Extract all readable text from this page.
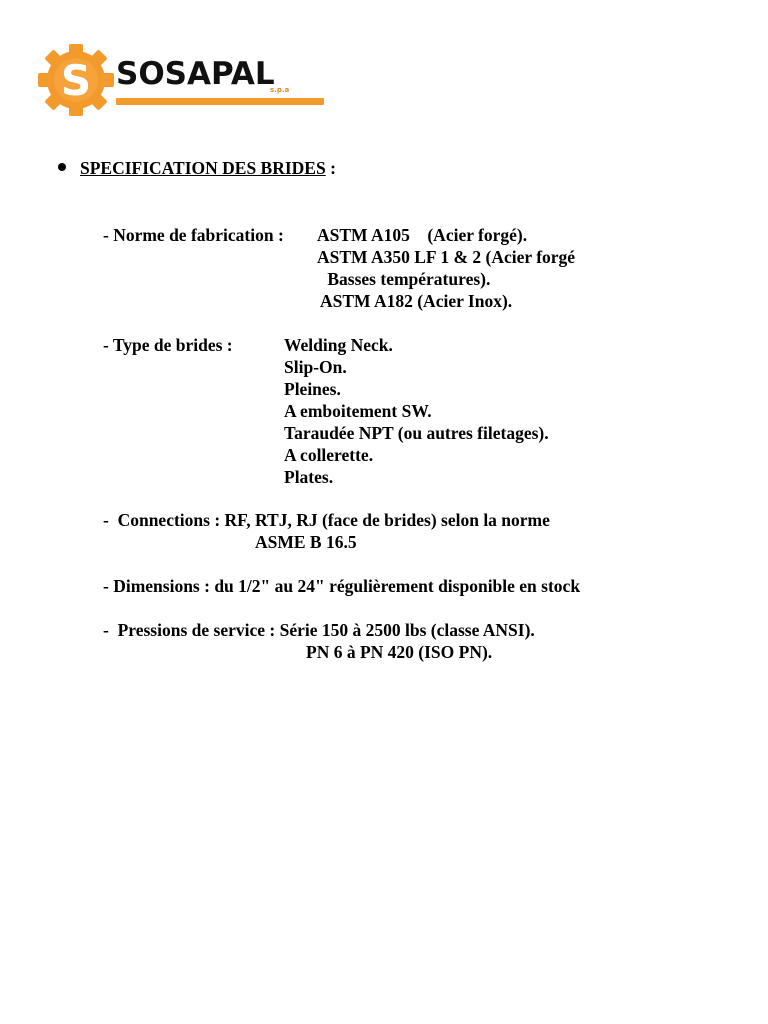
S SOSAPAL
s.p.a
SPECIFICATION DES BRIDES :
- Norme de fabrication : ASTM A105    (Acier forgé).
ASTM A350 LF 1 & 2 (Acier forgé
Basses températures).
ASTM A182 (Acier Inox).
- Type de brides :	Welding Neck.
Slip-On.
Pleines.
A emboitement SW.
Taraudée NPT (ou autres filetages).
A collerette.
Plates.
-  Connections : RF, RTJ, RJ (face de brides) selon la norme
ASME B 16.5
- Dimensions : du 1/2" au 24" régulièrement disponible en stock
-  Pressions de service : Série 150 à 2500 lbs (classe ANSI).
PN 6 à PN 420 (ISO PN).
